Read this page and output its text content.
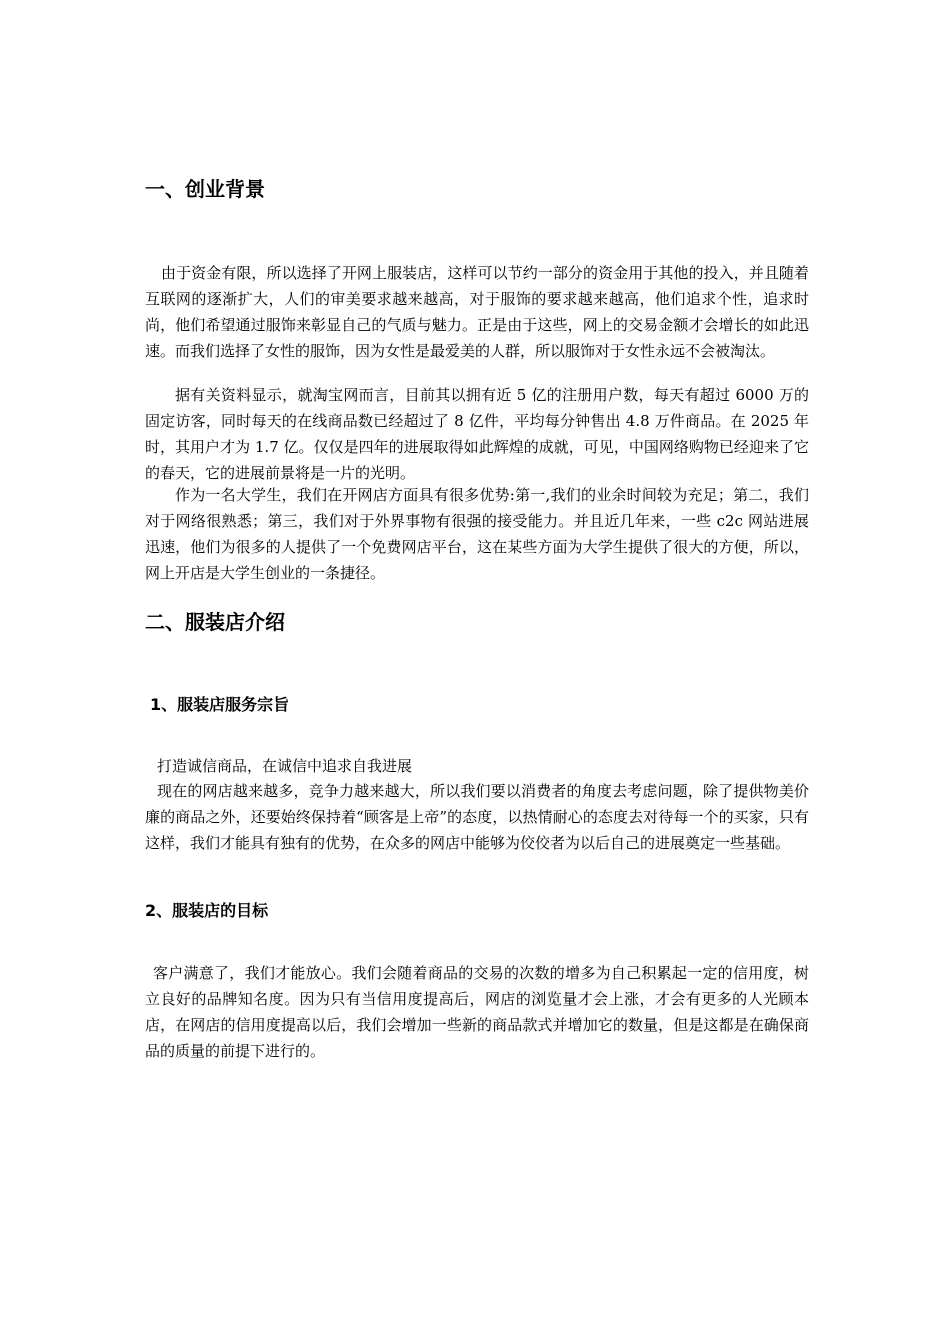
一、创业背景
由于资金有限，所以选择了开网上服装店，这样可以节约一部分的资金用于其他的投入，并且随着互联网的逐渐扩大，人们的审美要求越来越高，对于服饰的要求越来越高，他们追求个性，追求时尚，他们希望通过服饰来彰显自己的气质与魅力。正是由于这些，网上的交易金额才会增长的如此迅速。而我们选择了女性的服饰，因为女性是最爱美的人群，所以服饰对于女性永远不会被淘汰。
据有关资料显示，就淘宝网而言，目前其以拥有近 5 亿的注册用户数，每天有超过 6000 万的固定访客，同时每天的在线商品数已经超过了 8 亿件，平均每分钟售出 4.8 万件商品。在 2025 年时，其用户才为 1.7 亿。仅仅是四年的进展取得如此辉煌的成就，可见，中国网络购物已经迎来了它的春天，它的进展前景将是一片的光明。
作为一名大学生，我们在开网店方面具有很多优势:第一,我们的业余时间较为充足；第二，我们对于网络很熟悉；第三，我们对于外界事物有很强的接受能力。并且近几年来，一些 c2c 网站进展迅速，他们为很多的人提供了一个免费网店平台，这在某些方面为大学生提供了很大的方便，所以，网上开店是大学生创业的一条捷径。
二、服装店介绍
1、服装店服务宗旨
打造诚信商品，在诚信中追求自我进展
现在的网店越来越多，竞争力越来越大，所以我们要以消费者的角度去考虑问题，除了提供物美价廉的商品之外，还要始终保持着“顾客是上帝”的态度，以热情耐心的态度去对待每一个的买家，只有这样，我们才能具有独有的优势，在众多的网店中能够为佼佼者为以后自己的进展奠定一些基础。
2、服装店的目标
客户满意了，我们才能放心。我们会随着商品的交易的次数的增多为自己积累起一定的信用度，树立良好的品牌知名度。因为只有当信用度提高后，网店的浏览量才会上涨，才会有更多的人光顾本店，在网店的信用度提高以后，我们会增加一些新的商品款式并增加它的数量，但是这都是在确保商品的质量的前提下进行的。
